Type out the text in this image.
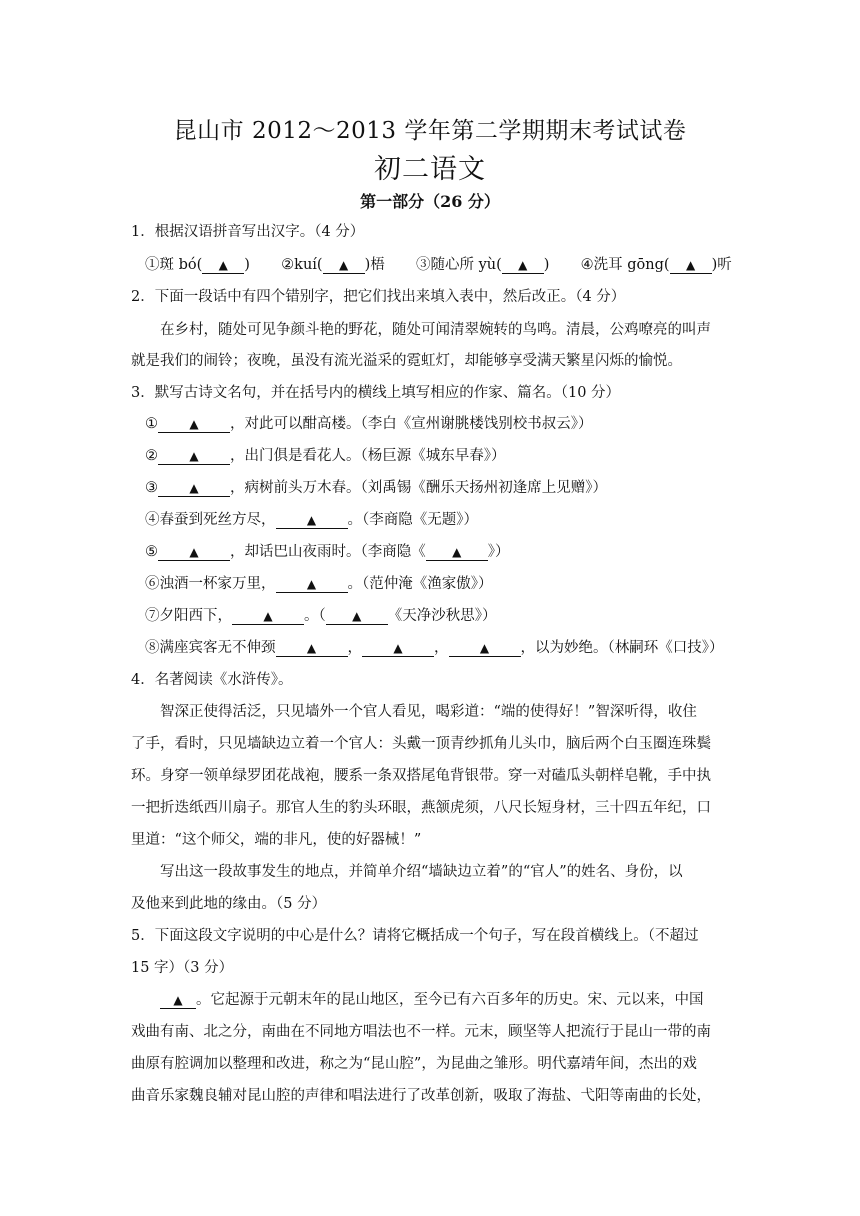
昆山市 2012～2013 学年第二学期期末考试试卷
初二语文
第一部分（26 分）
1．根据汉语拼音写出汉字。（4 分）
①斑 bó( ▲ ) ②kuí( ▲ )梧 ③随心所 yù( ▲ ) ④洗耳 gōng( ▲ )听
2．下面一段话中有四个错别字，把它们找出来填入表中，然后改正。（4 分）
在乡村，随处可见争颜斗艳的野花，随处可闻清翠婉转的鸟鸣。清晨，公鸡嘹亮的叫声
就是我们的闹铃；夜晚，虽没有流光溢采的霓虹灯，却能够享受满天繁星闪烁的愉悦。
3．默写古诗文名句，并在括号内的横线上填写相应的作家、篇名。（10 分）
①	▲ ，对此可以酣高楼。（李白《宣州谢朓楼饯别校书叔云》）
②	▲ ，出门俱是看花人。（杨巨源《城东早春》）
③	▲ ，病树前头万木春。（刘禹锡《酬乐天扬州初逢席上见赠》）
④春蚕到死丝方尽，	▲ 。（李商隐《无题》）
⑤	▲ ，却话巴山夜雨时。（李商隐《 ▲ 》）
⑥浊酒一杯家万里，	▲ 。（范仲淹《渔家傲》）
⑦夕阳西下，	▲ 。（ ▲ 《天净沙秋思》）
⑧满座宾客无不伸颈	▲ ，	▲ ，	▲ ，以为妙绝。（林嗣环《口技》）
4．名著阅读《水浒传》。
智深正使得活泛，只见墙外一个官人看见，喝彩道：“端的使得好！”智深听得，收住
了手，看时，只见墙缺边立着一个官人：头戴一顶青纱抓角儿头巾，脑后两个白玉圈连珠鬓
环。身穿一领单绿罗团花战袍，腰系一条双搭尾龟背银带。穿一对磕瓜头朝样皂靴，手中执
一把折迭纸西川扇子。那官人生的豹头环眼，燕颔虎须，八尺长短身材，三十四五年纪，口
里道：“这个师父，端的非凡，使的好器械！”
写出这一段故事发生的地点，并简单介绍“墙缺边立着”的“官人”的姓名、身份，以
及他来到此地的缘由。（5 分）
5．下面这段文字说明的中心是什么？请将它概括成一个句子，写在段首横线上。（不超过
15 字）（3 分）
▲ 。它起源于元朝末年的昆山地区，至今已有六百多年的历史。宋、元以来，中国
戏曲有南、北之分，南曲在不同地方唱法也不一样。元末，顾坚等人把流行于昆山一带的南
曲原有腔调加以整理和改进，称之为“昆山腔”，为昆曲之雏形。明代嘉靖年间，杰出的戏
曲音乐家魏良辅对昆山腔的声律和唱法进行了改革创新，吸取了海盐、弋阳等南曲的长处，
